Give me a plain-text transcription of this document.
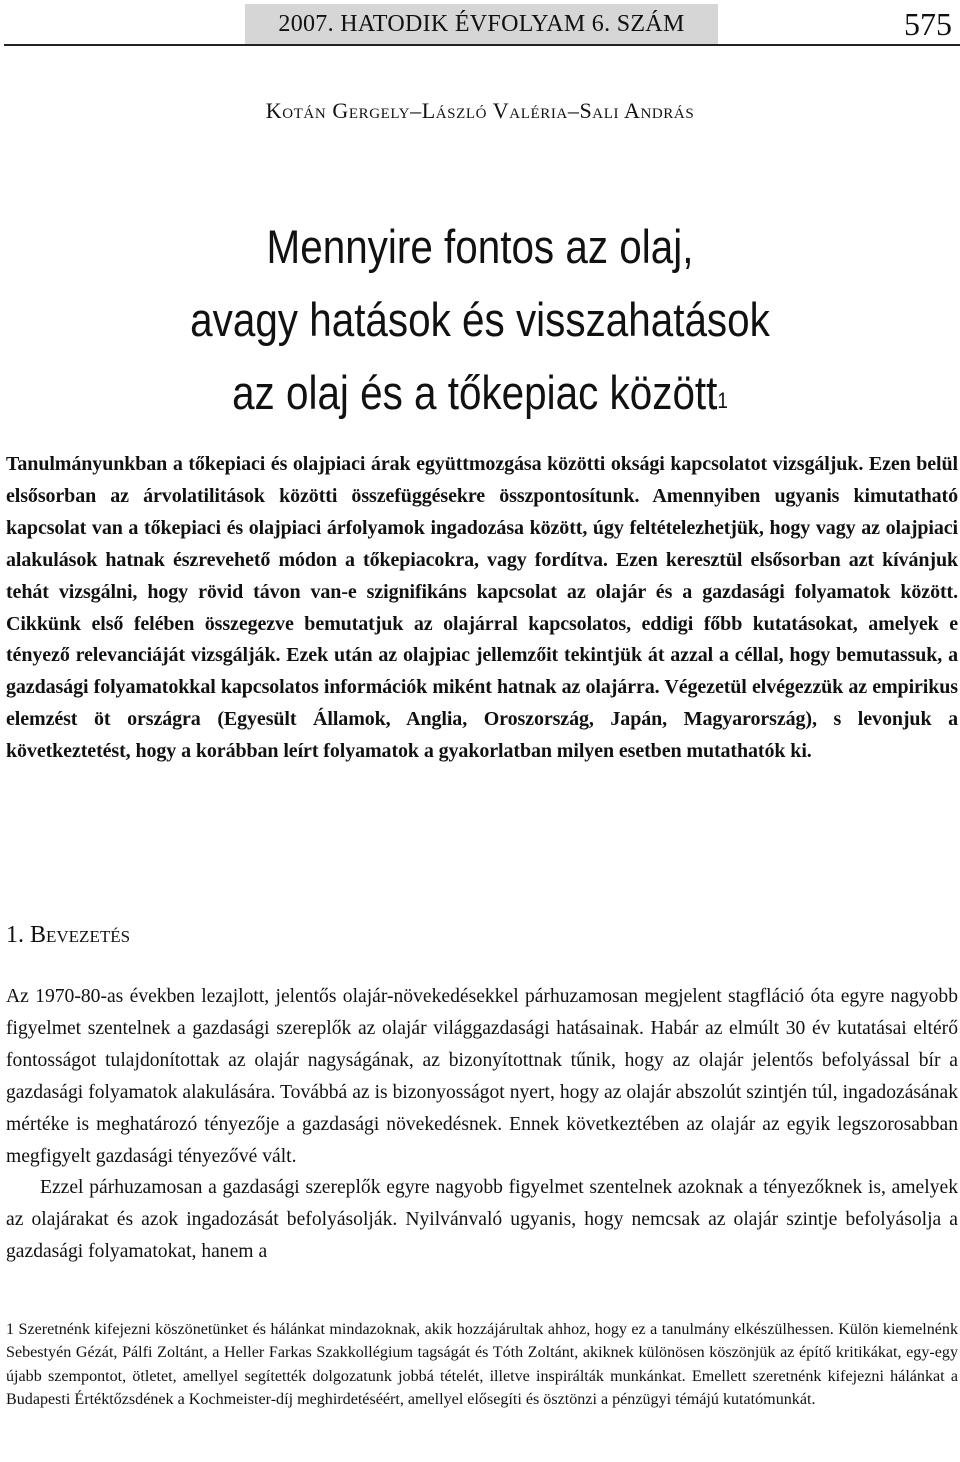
2007. HATODIK ÉVFOLYAM 6. SZÁM	575
Kotán Gergely–László Valéria–Sali András
Mennyire fontos az olaj,
avagy hatások és visszahatások
az olaj és a tőkepiac között$^1$

Tanulmányunkban a tőkepiaci és olajpiaci árak együttmozgása közötti oksági kapcsolatot vizsgáljuk. Ezen belül elsősorban az árvolatilitások közötti összefüggésekre összpontosítunk. Amennyiben ugyanis kimutatható kapcsolat van a tőkepiaci és olajpiaci árfolyamok ingadozása között, úgy feltételezhetjük, hogy vagy az olajpiaci alakulások hatnak észrevehető módon a tőkepiacokra, vagy fordítva. Ezen keresztül elsősorban azt kívánjuk tehát vizsgálni, hogy rövid távon van-e szignifikáns kapcsolat az olajár és a gazdasági folyamatok között. Cikkünk első felében összegezve bemutatjuk az olajárral kapcsolatos, eddigi főbb kutatásokat, amelyek e tényező relevanciáját vizsgálják. Ezek után az olajpiac jellemzőit tekintjük át azzal a céllal, hogy bemutassuk, a gazdasági folyamatokkal kapcsolatos információk miként hatnak az olajárra. Végezetül elvégezzük az empirikus elemzést öt országra (Egyesült Államok, Anglia, Oroszország, Japán, Magyarország), s levonjuk a következtetést, hogy a korábban leírt folyamatok a gyakorlatban milyen esetben mutathatók ki.

1. Bevezetés

Az 1970-80-as években lezajlott, jelentős olajár-növekedésekkel párhuzamosan megjelent stagfláció óta egyre nagyobb figyelmet szentelnek a gazdasági szereplők az olajár világgazdasági hatásainak. Habár az elmúlt 30 év kutatásai eltérő fontosságot tulajdonítottak az olajár nagyságának, az bizonyítottnak tűnik, hogy az olajár jelentős befolyással bír a gazdasági folyamatok alakulására. Továbbá az is bizonyosságot nyert, hogy az olajár abszolút szintjén túl, ingadozásának mértéke is meghatározó tényezője a gazdasági növekedésnek. Ennek következtében az olajár az egyik legszorosabban megfigyelt gazdasági tényezővé vált.

Ezzel párhuzamosan a gazdasági szereplők egyre nagyobb figyelmet szentelnek azoknak a tényezőknek is, amelyek az olajárakat és azok ingadozását befolyásolják. Nyilvánvaló ugyanis, hogy nemcsak az olajár szintje befolyásolja a gazdasági folyamatokat, hanem a

1 Szeretnénk kifejezni köszönetünket és hálánkat mindazoknak, akik hozzájárultak ahhoz, hogy ez a tanulmány elkészülhessen. Külön kiemelnénk Sebestyén Gézát, Pálfi Zoltánt, a Heller Farkas Szakkollégium tagságát és Tóth Zoltánt, akiknek különösen köszönjük az építő kritikákat, egy-egy újabb szempontot, ötletet, amellyel segítették dolgozatunk jobbá tételét, illetve inspirálták munkánkat. Emellett szeretnénk kifejezni hálánkat a Budapesti Értéktőzsdének a Kochmeister-díj meghirdetéséért, amellyel elősegíti és ösztönzi a pénzügyi témájú kutatómunkát.
